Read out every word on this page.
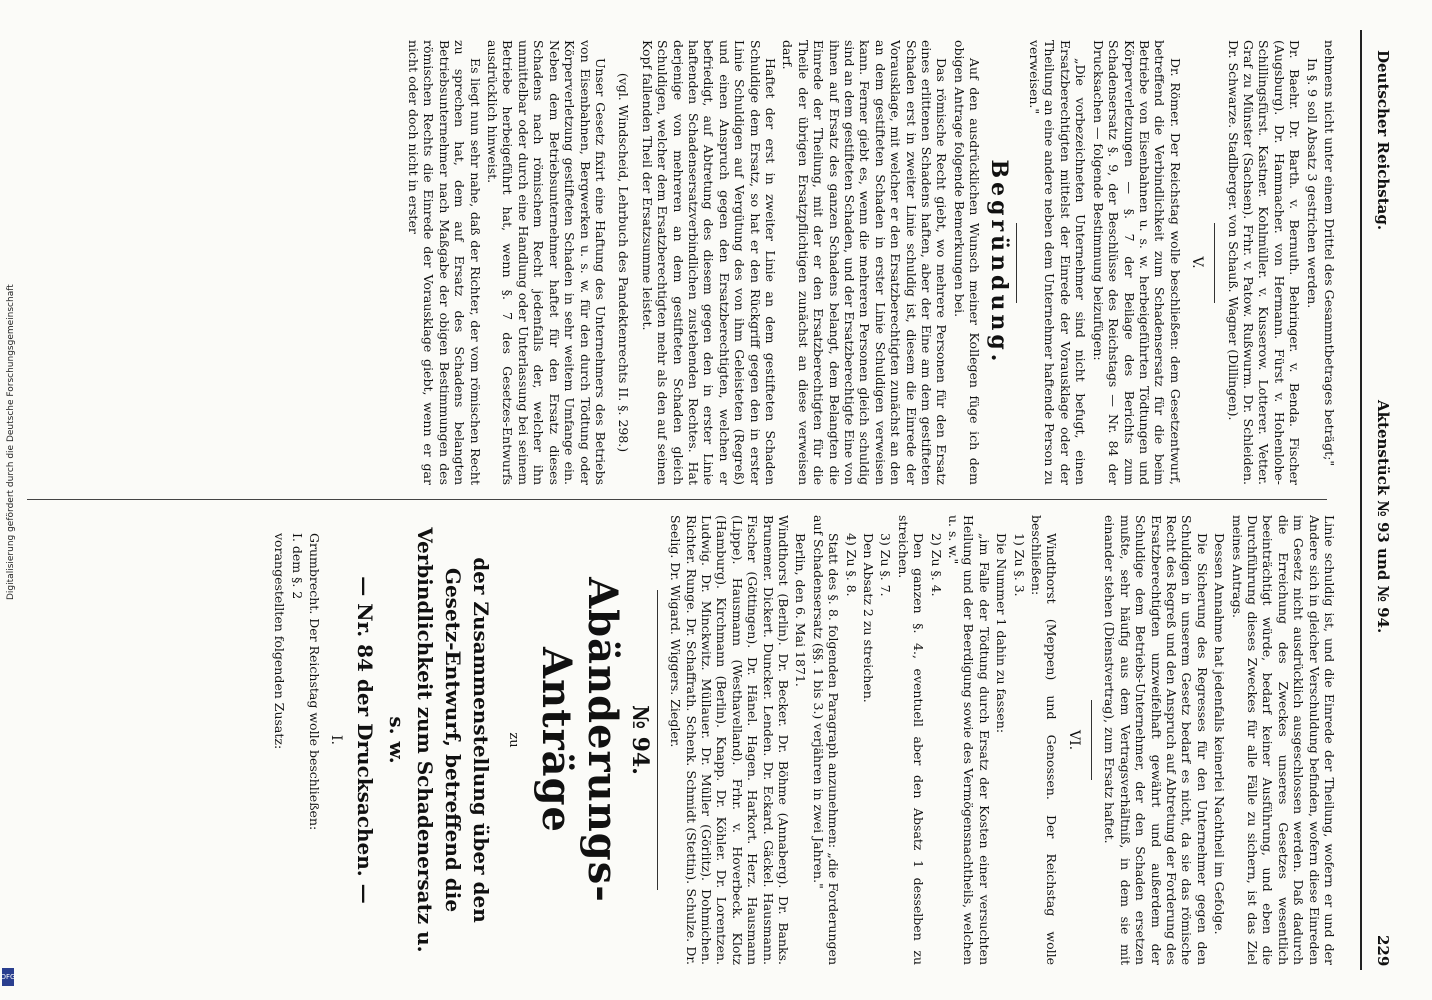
Digitalisierung gefördert durch die Deutsche Forschungsgemeinschaft
DFG
Deutscher Reichstag.
Aktenstück № 93 und № 94.
229

nehmens nicht unter einem Drittel des Gesammtbetrages beträgt;"

In §. 9 soll Absatz 3 gestrichen werden.

Dr. Baehr. Dr. Barth. v. Bernuth. Behringer. v. Benda. Fischer (Augsburg). Dr. Hammacher. von Hermann. Fürst v. Hohenlohe-Schillingsfürst. Kastner. Kohlmüller. v. Kusserow. Lotterer. Vetter. Graf zu Münster (Sachsen). Frhr. v. Patow. Rußwurm. Dr. Schleiden. Dr. Schwarze. Stadlberger. von Schauß. Wagner (Dillingen).

V.

Dr. Römer. Der Reichstag wolle beschließen: dem Gesetzentwurf, betreffend die Verbindlichkeit zum Schadensersatz für die beim Betriebe von Eisenbahnen u. s. w. herbeigeführten Tödtungen und Körperverletzungen — §. 7 der Beilage des Berichts zum Schadensersatz §. 9, der Beschlüsse des Reichstags — Nr. 84 der Drucksachen — folgende Bestimmung beizufügen:

„Die vorbezeichneten Unternehmer sind nicht befugt, einen Ersatzberechtigten mittelst der Einrede der Vorausklage oder der Theilung an eine andere neben dem Unternehmer haftende Person zu verweisen."

Begründung.

Auf den ausdrücklichen Wunsch meiner Kollegen füge ich dem obigen Antrage folgende Bemerkungen bei.

Das römische Recht giebt, wo mehrere Personen für den Ersatz eines erlittenen Schadens haften, aber der Eine am dem gestifteten Schaden erst in zweiter Linie schuldig ist, diesem die Einrede der Vorausklage, mit welcher er den Ersatzberechtigten zunächst an den an dem gestifteten Schaden in erster Linie Schuldigen verweisen kann. Ferner giebt es, wenn die mehreren Personen gleich schuldig sind an dem gestifteten Schaden, und der Ersatzberechtigte Eine von ihnen auf Ersatz des ganzen Schadens belangt, dem Belangten die Einrede der Theilung, mit der er den Ersatzberechtigten für die Theile der übrigen Ersatzpflichtigen zunächst an diese verweisen darf.

Haftet der erst in zweiter Linie an dem gestifteten Schaden Schuldige dem Ersatz, so hat er den Rückgriff gegen den in erster Linie Schuldigen auf Vergütung des von ihm Geleisteten (Regreß) und einen Anspruch gegen den Ersatzberechtigten, welchen er befriedigt, auf Abtretung des diesem gegen den in erster Linie haftenden Schadensersatzverbindlichen zustehenden Rechtes. Hat derjenige von mehreren an dem gestifteten Schaden gleich Schuldigen, welcher dem Ersatzberechtigten mehr als den auf seinen Kopf fallenden Theil der Ersatzsumme leistet.

(vgl. Windscheid, Lehrbuch des Pandektenrechts II. §. 298.)

Unser Gesetz fixirt eine Haftung des Unternehmers des Betriebs von Eisenbahnen, Bergwerken u. s. w. für den durch Tödtung oder Körperverletzung gestifteten Schaden in sehr weitem Umfange ein. Neben dem Betriebsunternehmer haftet für den Ersatz dieses Schadens nach römischem Recht jedenfalls der, welcher ihn unmittelbar oder durch eine Handlung oder Unterlassung bei seinem Betriebe herbeigeführt hat, wenn §. 7 des Gesetzes-Entwurfs ausdrücklich hinweist.

Es liegt nun sehr nahe, daß der Richter, der vom römischen Recht zu sprechen hat, dem auf Ersatz des Schadens belangten Betriebsunternehmer nach Maßgabe der obigen Bestimmungen des römischen Rechts die Einrede der Vorausklage giebt, wenn er gar nicht oder doch nicht in erster

Linie schuldig ist, und die Einrede der Theilung, wofern er und der Andere sich in gleicher Verschuldung befinden, wofern diese Einreden im Gesetz nicht ausdrücklich ausgeschlossen werden. Daß dadurch die Erreichung des Zweckes unseres Gesetzes wesentlich beeinträchtigt würde, bedarf keiner Ausführung, und eben die Durchführung dieses Zweckes für alle Fälle zu sichern, ist das Ziel meines Antrags.

Dessen Annahme hat jedenfalls keinerlei Nachtheil im Gefolge.

Die Sicherung des Regresses für den Unternehmer gegen den Schuldigen in unserem Gesetz bedarf es nicht, da sie das römische Recht des Regreß und den Anspruch auf Abtretung der Forderung des Ersatzberechtigten unzweifelhaft gewährt und außerdem der Schuldige dem Betriebs-Unternehmer, der den Schaden ersetzen mußte, sehr häufig aus dem Vertragsverhältniß, in dem sie mit einander stehen (Dienstvertrag), zum Ersatz haftet.

VI.

Windthorst (Meppen) und Genossen. Der Reichstag wolle beschließen:

1) Zu §. 3.

Die Nummer 1 dahin zu fassen:

„im Falle der Tödtung durch Ersatz der Kosten einer versuchten Heilung und der Beerdigung sowie des Vermögensnachtheils, welchen u. s. w."

2) Zu §. 4.

Den ganzen §. 4., eventuell aber den Absatz 1 desselben zu streichen.

3) Zu §. 7.

Den Absatz 2 zu streichen.

4) Zu §. 8.

Statt des §. 8. folgenden Paragraph anzunehmen: „die Forderungen auf Schadensersatz (§§. 1 bis 3.) verjähren in zwei Jahren."

Berlin, den 6. Mai 1871.

Windthorst (Berlin). Dr. Becker. Dr. Böhme (Annaberg). Dr. Banks. Brunemer. Dickert. Duncker. Lenden. Dr. Eckard. Gäckel. Hausmann. Fischer (Göttingen). Dr. Hänel. Hagen. Harkort. Herz. Hausmann (Lippe). Hausmann (Westhavelland). Frhr. v. Hoverbeck. Klotz (Hamburg). Kirchmann (Berlin). Knapp. Dr. Köhler. Dr. Lorentzen. Ludwig. Dr. Minckwitz. Müllauer. Dr. Müller (Görlitz). Dohmichen. Richter. Runge. Dr. Schaffrath. Schenk. Schmidt (Stettin). Schulze. Dr. Seelig. Dr. Wigard. Wiggers. Ziegler.

№ 94.
Abänderungs-Anträge
zu
der Zusammenstellung über den Gesetz-Entwurf, betreffend die Verbindlichkeit zum Schadenersatz u. s. w.
— Nr. 84 der Drucksachen. —
I.

Grumbrecht. Der Reichstag wolle beschließen:

I. dem §. 2

vorangestellten folgenden Zusatz:
